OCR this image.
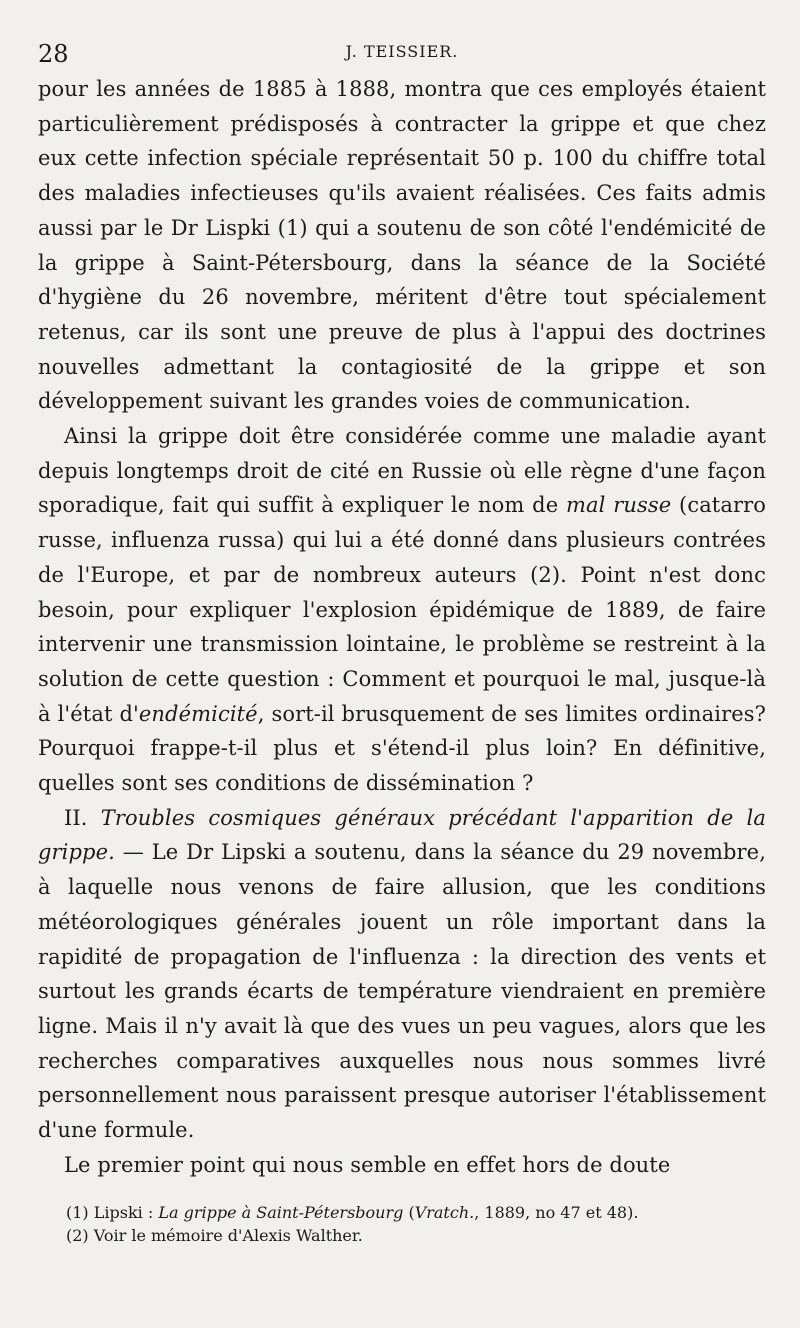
28	J. TEISSIER.

pour les années de 1885 à 1888, montra que ces employés étaient particulièrement prédisposés à contracter la grippe et que chez eux cette infection spéciale représentait 50 p. 100 du chiffre total des maladies infectieuses qu'ils avaient réalisées. Ces faits admis aussi par le Dr Lispki (1) qui a soutenu de son côté l'endémicité de la grippe à Saint-Pétersbourg, dans la séance de la Société d'hygiène du 26 novembre, méritent d'être tout spécialement retenus, car ils sont une preuve de plus à l'appui des doctrines nouvelles admettant la contagiosité de la grippe et son développement suivant les grandes voies de communication.

Ainsi la grippe doit être considérée comme une maladie ayant depuis longtemps droit de cité en Russie où elle règne d'une façon sporadique, fait qui suffit à expliquer le nom de mal russe (catarro russe, influenza russa) qui lui a été donné dans plusieurs contrées de l'Europe, et par de nombreux auteurs (2). Point n'est donc besoin, pour expliquer l'explosion épidémique de 1889, de faire intervenir une transmission lointaine, le problème se restreint à la solution de cette question : Comment et pourquoi le mal, jusque-là à l'état d'endémicité, sort-il brusquement de ses limites ordinaires? Pourquoi frappe-t-il plus et s'étend-il plus loin? En définitive, quelles sont ses conditions de dissémination ?

II. Troubles cosmiques généraux précédant l'apparition de la grippe. — Le Dr Lipski a soutenu, dans la séance du 29 novembre, à laquelle nous venons de faire allusion, que les conditions météorologiques générales jouent un rôle important dans la rapidité de propagation de l'influenza : la direction des vents et surtout les grands écarts de température viendraient en première ligne. Mais il n'y avait là que des vues un peu vagues, alors que les recherches comparatives auxquelles nous nous sommes livré personnellement nous paraissent presque autoriser l'établissement d'une formule.

Le premier point qui nous semble en effet hors de doute

(1) Lipski : La grippe à Saint-Pétersbourg (Vratch., 1889, no 47 et 48).

(2) Voir le mémoire d'Alexis Walther.
